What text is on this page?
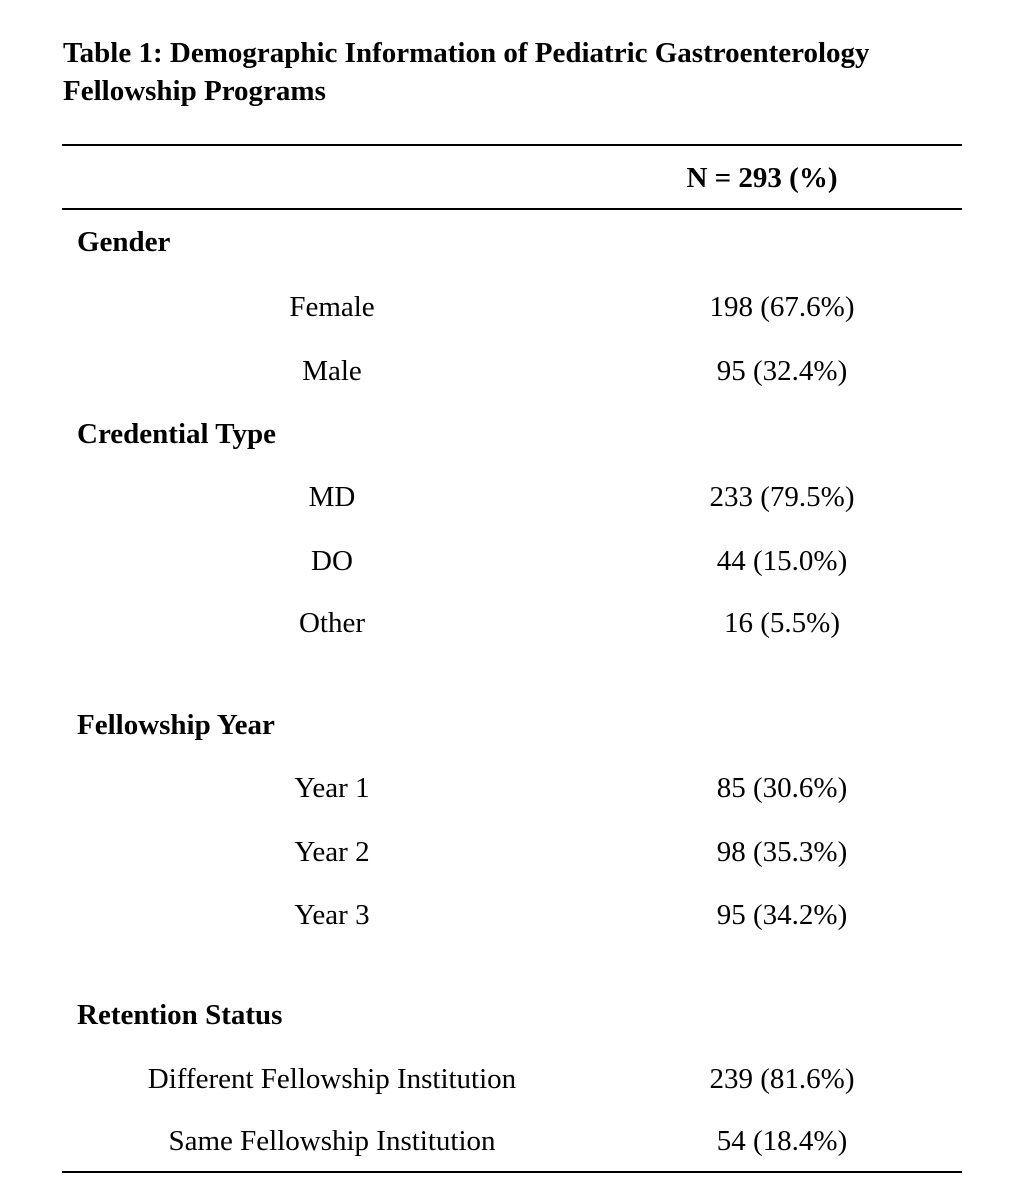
Table 1: Demographic Information of Pediatric Gastroenterology Fellowship Programs
N = 293 (%)
Gender
Female	198 (67.6%)
Male	95 (32.4%)
Credential Type
MD	233 (79.5%)
DO	44 (15.0%)
Other	16 (5.5%)
Fellowship Year
Year 1	85 (30.6%)
Year 2	98 (35.3%)
Year 3	95 (34.2%)
Retention Status
Different Fellowship Institution	239 (81.6%)
Same Fellowship Institution	54 (18.4%)
